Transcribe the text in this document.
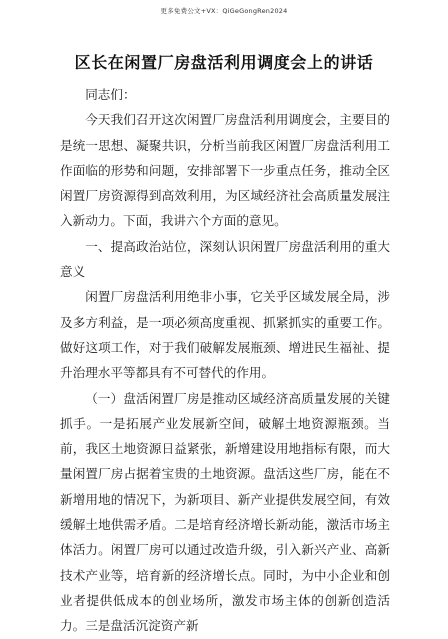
更多免费公文+VX：QiGeGongRen2024
区长在闲置厂房盘活利用调度会上的讲话

同志们：

今天我们召开这次闲置厂房盘活利用调度会，主要目的是统一思想、凝聚共识，分析当前我区闲置厂房盘活利用工作面临的形势和问题，安排部署下一步重点任务，推动全区闲置厂房资源得到高效利用，为区域经济社会高质量发展注入新动力。下面，我讲六个方面的意见。

一、提高政治站位，深刻认识闲置厂房盘活利用的重大意义

闲置厂房盘活利用绝非小事，它关乎区域发展全局，涉及多方利益，是一项必须高度重视、抓紧抓实的重要工作。做好这项工作，对于我们破解发展瓶颈、增进民生福祉、提升治理水平等都具有不可替代的作用。

（一）盘活闲置厂房是推动区域经济高质量发展的关键抓手。一是拓展产业发展新空间，破解土地资源瓶颈。当前，我区土地资源日益紧张，新增建设用地指标有限，而大量闲置厂房占据着宝贵的土地资源。盘活这些厂房，能在不新增用地的情况下，为新项目、新产业提供发展空间，有效缓解土地供需矛盾。二是培育经济增长新动能，激活市场主体活力。闲置厂房可以通过改造升级，引入新兴产业、高新技术产业等，培育新的经济增长点。同时，为中小企业和创业者提供低成本的创业场所，激发市场主体的创新创造活力。三是盘活沉淀资产新
